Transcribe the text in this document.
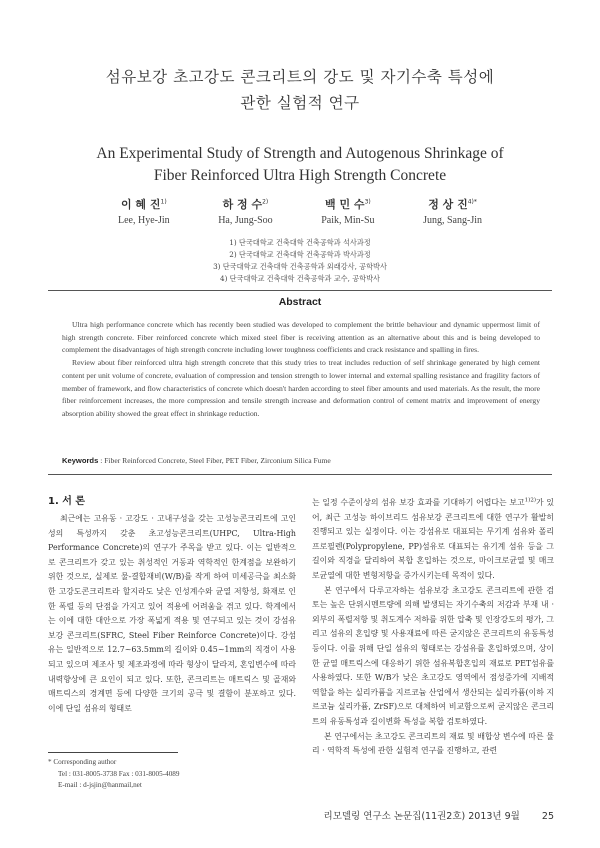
섬유보강 초고강도 콘크리트의 강도 및 자기수축 특성에
관한 실험적 연구
An Experimental Study of Strength and Autogenous Shrinkage of
Fiber Reinforced Ultra High Strength Concrete
이 혜 진$^{1)}$
Lee, Hye-Jin
하 정 수$^{2)}$
Ha, Jung-Soo
백 민 수$^{3)}$
Paik, Min-Su
정 상 진$^{4)*}$
Jung, Sang-Jin
1) 단국대학교 건축대학 건축공학과 석사과정
2) 단국대학교 건축대학 건축공학과 박사과정
3) 단국대학교 건축대학 건축공학과 외래강사, 공학박사
4) 단국대학교 건축대학 건축공학과 교수, 공학박사
Abstract

Ultra high performance concrete which has recently been studied was developed to complement the brittle behaviour and dynamic uppermost limit of high strength concrete. Fiber reinforced concrete which mixed steel fiber is receiving attention as an alternative about this and is being developed to complement the disadvantages of high strength concrete including lower toughness coefficients and crack resistance and spalling in fires.

Review about fiber reinforced ultra high strength concrete that this study tries to treat includes reduction of self shrinkage generated by high cement content per unit volume of concrete, evaluation of compression and tension strength to lower internal and external spalling resistance and fragility factors of member of framework, and flow characteristics of concrete which doesn't harden according to steel fiber amounts and used materials. As the result, the more fiber reinforcement increases, the more compression and tensile strength increase and deformation control of cement matrix and improvement of energy absorption ability showed the great effect in shrinkage reduction.

Keywords : Fiber Reinforced Concrete, Steel Fiber, PET Fiber, Zirconium Silica Fume
1. 서 론

최근에는 고유동 · 고강도 · 고내구성을 갖는 고성능콘크리트에 고인성의 특성까지 갖춘 초고성능콘크리트(UHPC, Ultra-High Performance Concrete)의 연구가 주목을 받고 있다. 이는 일반적으로 콘크리트가 갖고 있는 취성적인 거동과 역학적인 한계점을 보완하기 위한 것으로, 실제로 물-결합재비(W/B)를 작게 하여 미세공극을 최소화한 고강도콘크리트라 할지라도 낮은 인성계수와 균열 저항성, 화재로 인한 폭렬 등의 단점을 가지고 있어 적용에 어려움을 겪고 있다. 학계에서는 이에 대한 대안으로 가장 폭넓게 적용 및 연구되고 있는 것이 강섬유 보강 콘크리트(SFRC, Steel Fiber Reinforce Concrete)이다. 강섬유는 일반적으로 12.7~63.5mm의 길이와 0.45~1mm의 직경이 사용되고 있으며 제조사 및 제조과정에 따라 형상이 달라져, 혼입변수에 따라 내력향상에 큰 요인이 되고 있다. 또한, 콘크리트는 매트릭스 및 골재와 매트릭스의 경계면 등에 다양한 크기의 공극 및 결함이 분포하고 있다. 이에 단일 섬유의 형태로

는 일정 수준이상의 섬유 보강 효과를 기대하기 어렵다는 보고$^{1)2)}$가 있어, 최근 고성능 하이브리드 섬유보강 콘크리트에 대한 연구가 활발히 진행되고 있는 실정이다. 이는 강섬유로 대표되는 무기계 섬유와 폴리프로필렌(Polypropylene, PP)섬유로 대표되는 유기계 섬유 등을 그 길이와 직경을 달리하여 복합 혼입하는 것으로, 마이크로균열 및 매크로균열에 대한 변형저항을 증가시키는데 목적이 있다.

본 연구에서 다루고자하는 섬유보강 초고강도 콘크리트에 관한 검토는 높은 단위시멘트량에 의해 발생되는 자기수축의 저감과 부재 내 · 외부의 폭렬저항 및 취도계수 저하를 위한 압축 및 인장강도의 평가, 그리고 섬유의 혼입량 및 사용재료에 따른 굳지않은 콘크리트의 유동특성 등이다. 이를 위해 단일 섬유의 형태로는 강섬유를 혼입하였으며, 상이한 균열 매트릭스에 대응하기 위한 섬유복합혼입의 재료로 PET섬유를 사용하였다. 또한 W/B가 낮은 초고강도 영역에서 점성증가에 지배적 역할을 하는 실리카퓸을 지르코늄 산업에서 생산되는 실리카퓸(이하 지르코늄 실리카퓸, ZrSF)으로 대체하여 비교함으로써 굳지않은 콘크리트의 유동특성과 길이변화 특성을 복합 검토하였다.

본 연구에서는 초고강도 콘크리트의 재료 및 배합상 변수에 따른 물리 · 역학적 특성에 관한 실험적 연구를 진행하고, 관련

* Corresponding author
Tel : 031-8005-3738 Fax : 031-8005-4089
E-mail : d-jsjin@hanmail,net
리모델링 연구소 논문집(11권2호) 2013년 9월 25
